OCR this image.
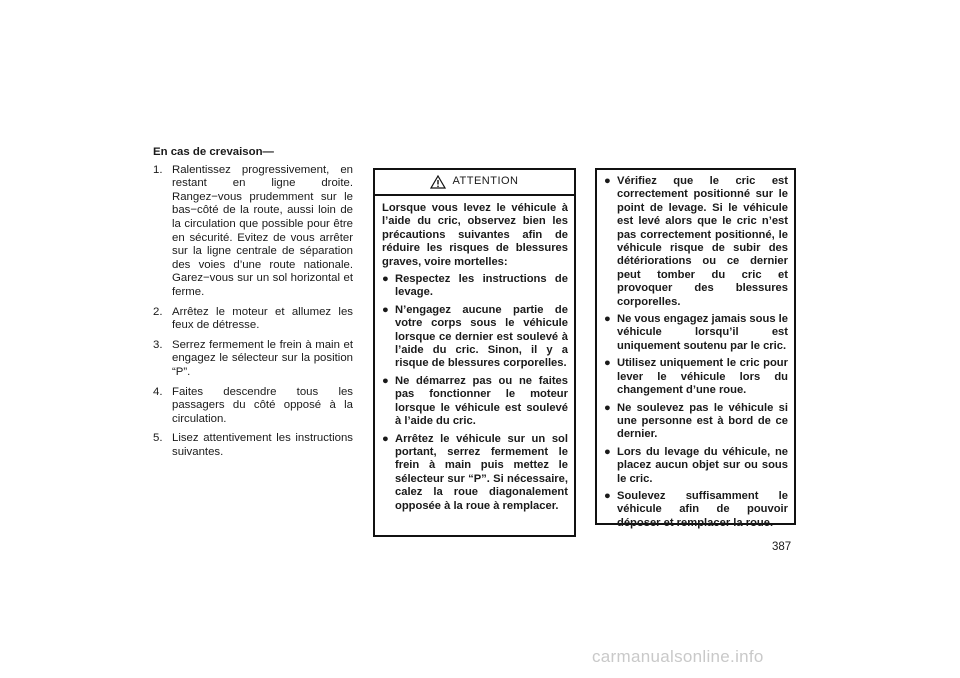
En cas de crevaison—
1. Ralentissez progressivement, en restant en ligne droite. Rangez−vous prudemment sur le bas−côté de la route, aussi loin de la circulation que possible pour être en sécurité. Evitez de vous arrêter sur la ligne centrale de séparation des voies d’une route nationale. Garez−vous sur un sol horizontal et ferme.
2. Arrêtez le moteur et allumez les feux de détresse.
3. Serrez fermement le frein à main et engagez le sélecteur sur la position “P”.
4. Faites descendre tous les passagers du côté opposé à la circulation.
5. Lisez attentivement les instructions suivantes.
ATTENTION
Lorsque vous levez le véhicule à l’aide du cric, observez bien les précautions suivantes afin de réduire les risques de blessures graves, voire mortelles:
● Respectez les instructions de levage.
● N’engagez aucune partie de votre corps sous le véhicule lorsque ce dernier est soulevé à l’aide du cric. Sinon, il y a risque de blessures corporelles.
● Ne démarrez pas ou ne faites pas fonctionner le moteur lorsque le véhicule est soulevé à l’aide du cric.
● Arrêtez le véhicule sur un sol portant, serrez fermement le frein à main puis mettez le sélecteur sur “P”. Si nécessaire, calez la roue diagonalement opposée à la roue à remplacer.
● Vérifiez que le cric est correctement positionné sur le point de levage. Si le véhicule est levé alors que le cric n’est pas correctement positionné, le véhicule risque de subir des détériorations ou ce dernier peut tomber du cric et provoquer des blessures corporelles.
● Ne vous engagez jamais sous le véhicule lorsqu’il est uniquement soutenu par le cric.
● Utilisez uniquement le cric pour lever le véhicule lors du changement d’une roue.
● Ne soulevez pas le véhicule si une personne est à bord de ce dernier.
● Lors du levage du véhicule, ne placez aucun objet sur ou sous le cric.
● Soulevez suffisamment le véhicule afin de pouvoir déposer et remplacer la roue.
387
carmanualsonline.info
